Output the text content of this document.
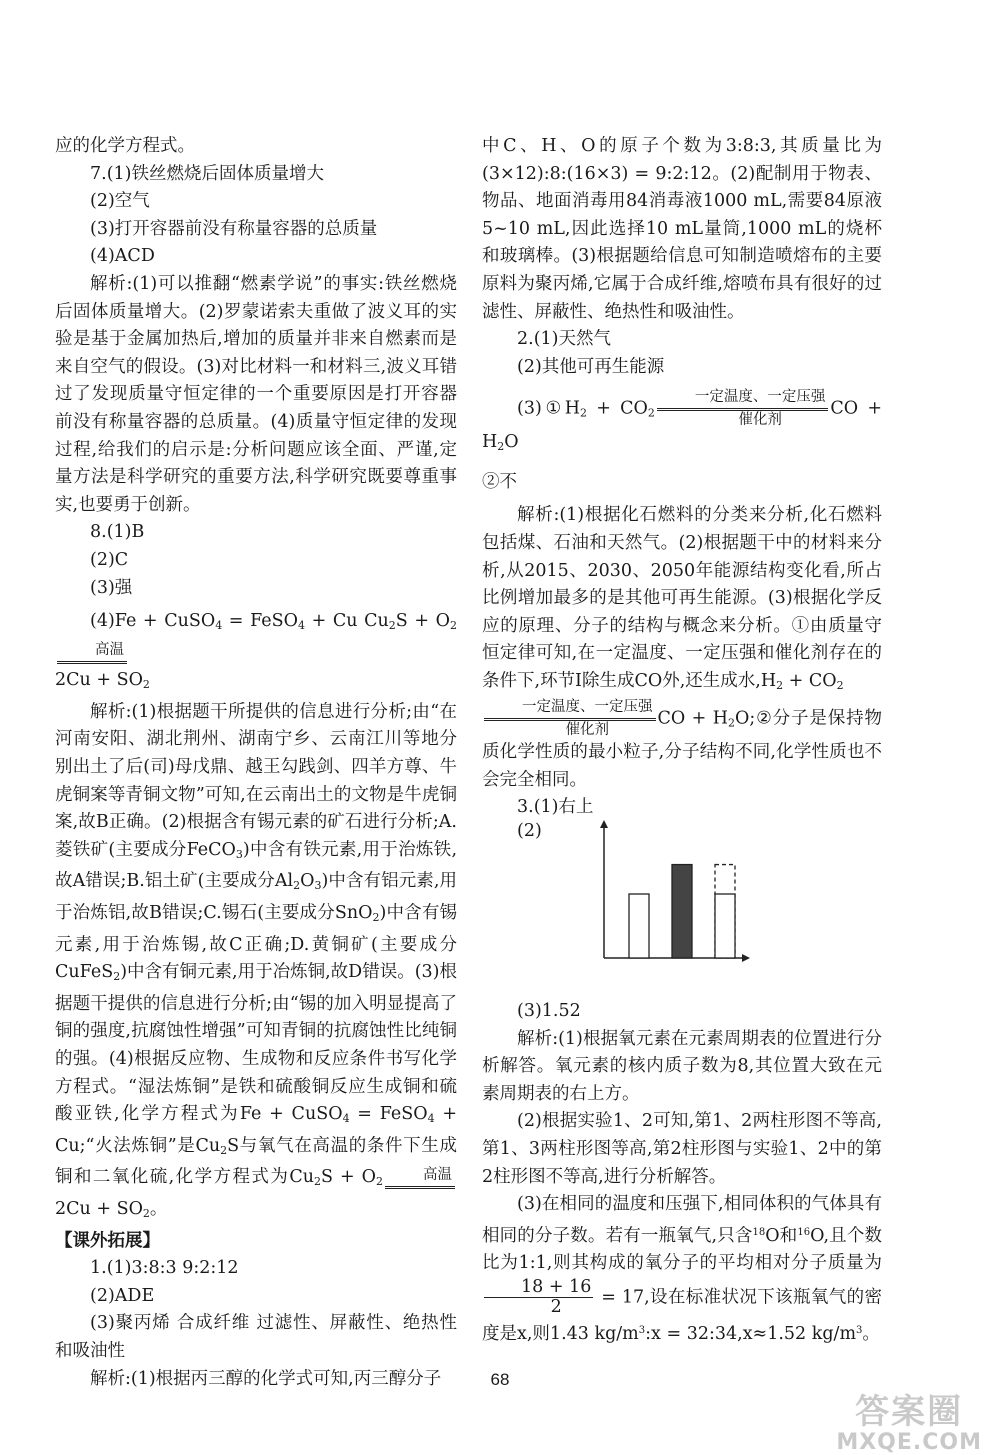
应的化学方程式。

7.(1)铁丝燃烧后固体质量增大

(2)空气

(3)打开容器前没有称量容器的总质量

(4)ACD

解析:(1)可以推翻“燃素学说”的事实:铁丝燃烧后固体质量增大。(2)罗蒙诺索夫重做了波义耳的实验是基于金属加热后,增加的质量并非来自燃素而是来自空气的假设。(3)对比材料一和材料三,波义耳错过了发现质量守恒定律的一个重要原因是打开容器前没有称量容器的总质量。(4)质量守恒定律的发现过程,给我们的启示是:分析问题应该全面、严谨,定量方法是科学研究的重要方法,科学研究既要尊重事实,也要勇于创新。

8.(1)B

(2)C

(3)强

(4)Fe + CuSO$_4$ = FeSO$_4$ + Cu $Cu_2S + O_2$
高温

$2Cu + SO_2$

解析:(1)根据题干所提供的信息进行分析;由“在河南安阳、湖北荆州、湖南宁乡、云南江川等地分别出土了后(司)母戊鼎、越王勾践剑、四羊方尊、牛虎铜案等青铜文物”可知,在云南出土的文物是牛虎铜案,故B正确。(2)根据含有锡元素的矿石进行分析;A.菱铁矿(主要成分FeCO$_3$)中含有铁元素,用于治炼铁,故A错误;B.铝土矿(主要成分$Al_2O_3$)中含有铝元素,用于治炼铝,故B错误;C.锡石(主要成分SnO$_2$)中含有锡元素,用于治炼锡,故C正确;D.黄铜矿(主要成分CuFeS$_2$)中含有铜元素,用于冶炼铜,故D错误。(3)根据题干提供的信息进行分析;由“锡的加入明显提高了铜的强度,抗腐蚀性增强”可知青铜的抗腐蚀性比纯铜的强。(4)根据反应物、生成物和反应条件书写化学方程式。“湿法炼铜”是铁和硫酸铜反应生成铜和硫酸亚铁,化学方程式为Fe + CuSO$_4$ = FeSO$_4$ + Cu;“火法炼铜”是$Cu_2S$与氧气在高温的条件下生成铜和二氧化硫,化学方程式为$Cu_2S + O_2$	高温
$2Cu + SO_2$。

【课外拓展】

1.(1)3:8:3 9:2:12

(2)ADE

(3)聚丙烯 合成纤维 过滤性、屏蔽性、绝热性和吸油性

解析:(1)根据丙三醇的化学式可知,丙三醇分子

中C、H、O的原子个数为3:8:3,其质量比为(3×12):8:(16×3) = 9:2:12。(2)配制用于物表、物品、地面消毒用84消毒液1000 mL,需要84原液5~10 mL,因此选择10 mL量筒,1000 mL的烧杯和玻璃棒。(3)根据题给信息可知制造喷熔布的主要原料为聚丙烯,它属于合成纤维,熔喷布具有很好的过滤性、屏蔽性、绝热性和吸油性。

2.(1)天然气

(2)其他可再生能源

$(3)①H_2 + CO_2$
一定温度、一定压强
催化剂
CO + $H_2O$

②不

解析:(1)根据化石燃料的分类来分析,化石燃料包括煤、石油和天然气。(2)根据题干中的材料来分析,从2015、2030、2050年能源结构变化看,所占比例增加最多的是其他可再生能源。(3)根据化学反应的原理、分子的结构与概念来分析。①由质量守恒定律可知,在一定温度、一定压强和催化剂存在的条件下,环节Ⅰ除生成CO外,还生成水$,H_2 + CO_2$

一定温度、一定压强
催化剂
CO + $H_2O;②$分子是保持物质化学性质的最小粒子,分子结构不同,化学性质也不会完全相同。

3.(1)右上

(2)

(3)1.52

解析:(1)根据氧元素在元素周期表的位置进行分析解答。氧元素的核内质子数为8,其位置大致在元素周期表的右上方。

(2)根据实验1、2可知,第1、2两柱形图不等高,第1、3两柱形图等高,第2柱形图与实验1、2中的第2柱形图不等高,进行分析解答。

(3)在相同的温度和压强下,相同体积的气体具有相同的分子数。若有一瓶氧气,只含$^{18}$O和$^{16}$O,且个数比为1:1,则其构成的氧分子的平均相对分子质量为
$\frac{18 + 16}{2} = 17$,设在标准状况下该瓶氧气的密度是x,则1.43 $kg/m^3:x$ = 32:34,x≈1.52 $kg/m^3$。

68
答案圈
MXQE.COM
